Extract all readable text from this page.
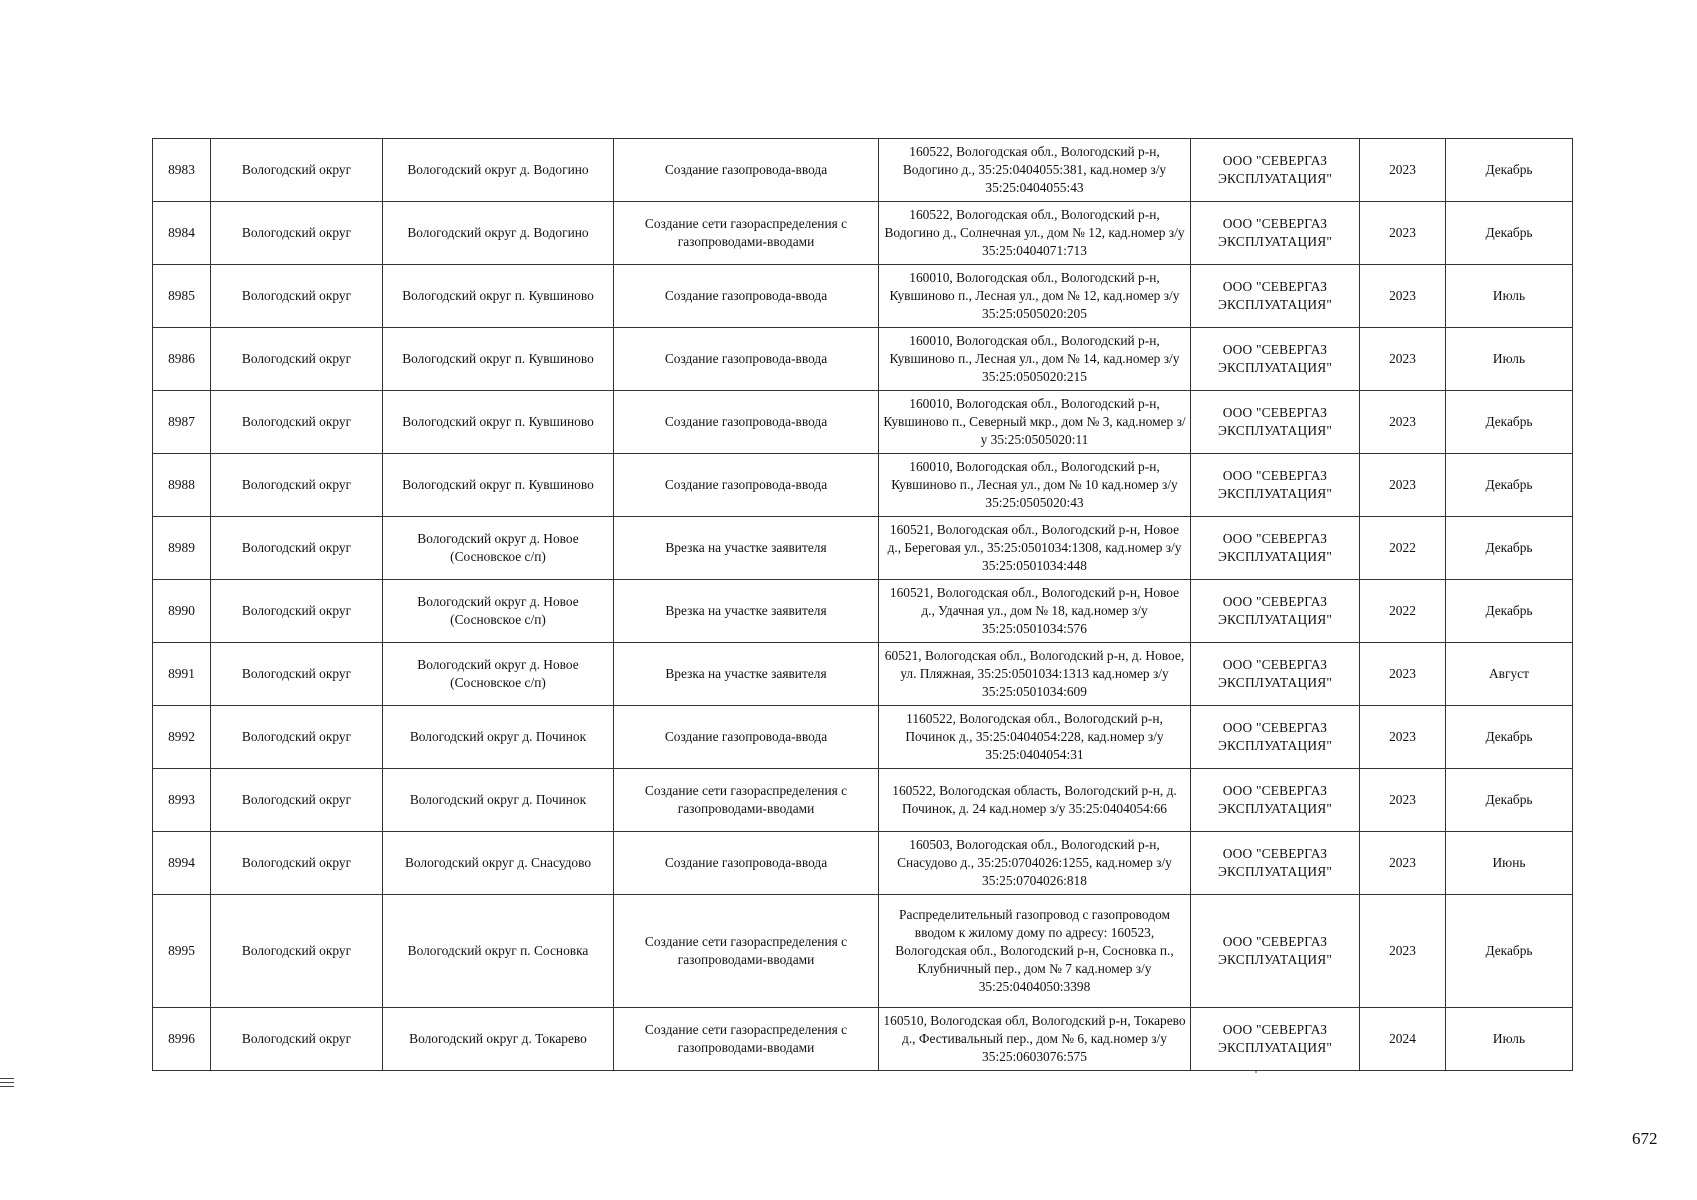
8983	Вологодский округ	Вологодский округ д. Водогино	Создание газопровода-ввода	160522, Вологодская обл., Вологодский р-н, Водогино д., 35:25:0404055:381, кад.номер з/у 35:25:0404055:43	ООО "СЕВЕРГАЗ ЭКСПЛУАТАЦИЯ"	2023	Декабрь
8984	Вологодский округ	Вологодский округ д. Водогино	Создание сети газораспределения с газопроводами-вводами	160522, Вологодская обл., Вологодский р-н, Водогино д., Солнечная ул., дом № 12, кад.номер з/у 35:25:0404071:713	ООО "СЕВЕРГАЗ ЭКСПЛУАТАЦИЯ"	2023	Декабрь
8985	Вологодский округ	Вологодский округ п. Кувшиново	Создание газопровода-ввода	160010, Вологодская обл., Вологодский р-н, Кувшиново п., Лесная ул., дом № 12, кад.номер з/у 35:25:0505020:205	ООО "СЕВЕРГАЗ ЭКСПЛУАТАЦИЯ"	2023	Июль
8986	Вологодский округ	Вологодский округ п. Кувшиново	Создание газопровода-ввода	160010, Вологодская обл., Вологодский р-н, Кувшиново п., Лесная ул., дом № 14, кад.номер з/у 35:25:0505020:215	ООО "СЕВЕРГАЗ ЭКСПЛУАТАЦИЯ"	2023	Июль
8987	Вологодский округ	Вологодский округ п. Кувшиново	Создание газопровода-ввода	160010, Вологодская обл., Вологодский р-н, Кувшиново п., Северный мкр., дом № 3, кад.номер з/у 35:25:0505020:11	ООО "СЕВЕРГАЗ ЭКСПЛУАТАЦИЯ"	2023	Декабрь
8988	Вологодский округ	Вологодский округ п. Кувшиново	Создание газопровода-ввода	160010, Вологодская обл., Вологодский р-н, Кувшиново п., Лесная ул., дом № 10 кад.номер з/у 35:25:0505020:43	ООО "СЕВЕРГАЗ ЭКСПЛУАТАЦИЯ"	2023	Декабрь
8989	Вологодский округ	Вологодский округ д. Новое (Сосновское с/п)	Врезка на участке заявителя	160521, Вологодская обл., Вологодский р-н, Новое д., Береговая ул., 35:25:0501034:1308, кад.номер з/у 35:25:0501034:448	ООО "СЕВЕРГАЗ ЭКСПЛУАТАЦИЯ"	2022	Декабрь
8990	Вологодский округ	Вологодский округ д. Новое (Сосновское с/п)	Врезка на участке заявителя	160521, Вологодская обл., Вологодский р-н, Новое д., Удачная ул., дом № 18, кад.номер з/у 35:25:0501034:576	ООО "СЕВЕРГАЗ ЭКСПЛУАТАЦИЯ"	2022	Декабрь
8991	Вологодский округ	Вологодский округ д. Новое (Сосновское с/п)	Врезка на участке заявителя	60521, Вологодская обл., Вологодский р-н, д. Новое, ул. Пляжная, 35:25:0501034:1313 кад.номер з/у 35:25:0501034:609	ООО "СЕВЕРГАЗ ЭКСПЛУАТАЦИЯ"	2023	Август
8992	Вологодский округ	Вологодский округ д. Починок	Создание газопровода-ввода	1160522, Вологодская обл., Вологодский р-н, Починок д., 35:25:0404054:228, кад.номер з/у 35:25:0404054:31	ООО "СЕВЕРГАЗ ЭКСПЛУАТАЦИЯ"	2023	Декабрь
8993	Вологодский округ	Вологодский округ д. Починок	Создание сети газораспределения с газопроводами-вводами	160522, Вологодская область, Вологодский р-н, д. Починок, д. 24 кад.номер з/у 35:25:0404054:66	ООО "СЕВЕРГАЗ ЭКСПЛУАТАЦИЯ"	2023	Декабрь
8994	Вологодский округ	Вологодский округ д. Снасудово	Создание газопровода-ввода	160503, Вологодская обл., Вологодский р-н, Снасудово д., 35:25:0704026:1255, кад.номер з/у 35:25:0704026:818	ООО "СЕВЕРГАЗ ЭКСПЛУАТАЦИЯ"	2023	Июнь
8995	Вологодский округ	Вологодский округ п. Сосновка	Создание сети газораспределения с газопроводами-вводами	Распределительный газопровод с газопроводом вводом к жилому дому по адресу: 160523, Вологодская обл., Вологодский р-н, Сосновка п., Клубничный пер., дом № 7 кад.номер з/у 35:25:0404050:3398	ООО "СЕВЕРГАЗ ЭКСПЛУАТАЦИЯ"	2023	Декабрь
8996	Вологодский округ	Вологодский округ д. Токарево	Создание сети газораспределения с газопроводами-вводами	160510, Вологодская обл, Вологодский р-н, Токарево д., Фестивальный пер., дом № 6, кад.номер з/у 35:25:0603076:575	ООО "СЕВЕРГАЗ ЭКСПЛУАТАЦИЯ"	2024	Июль
672
